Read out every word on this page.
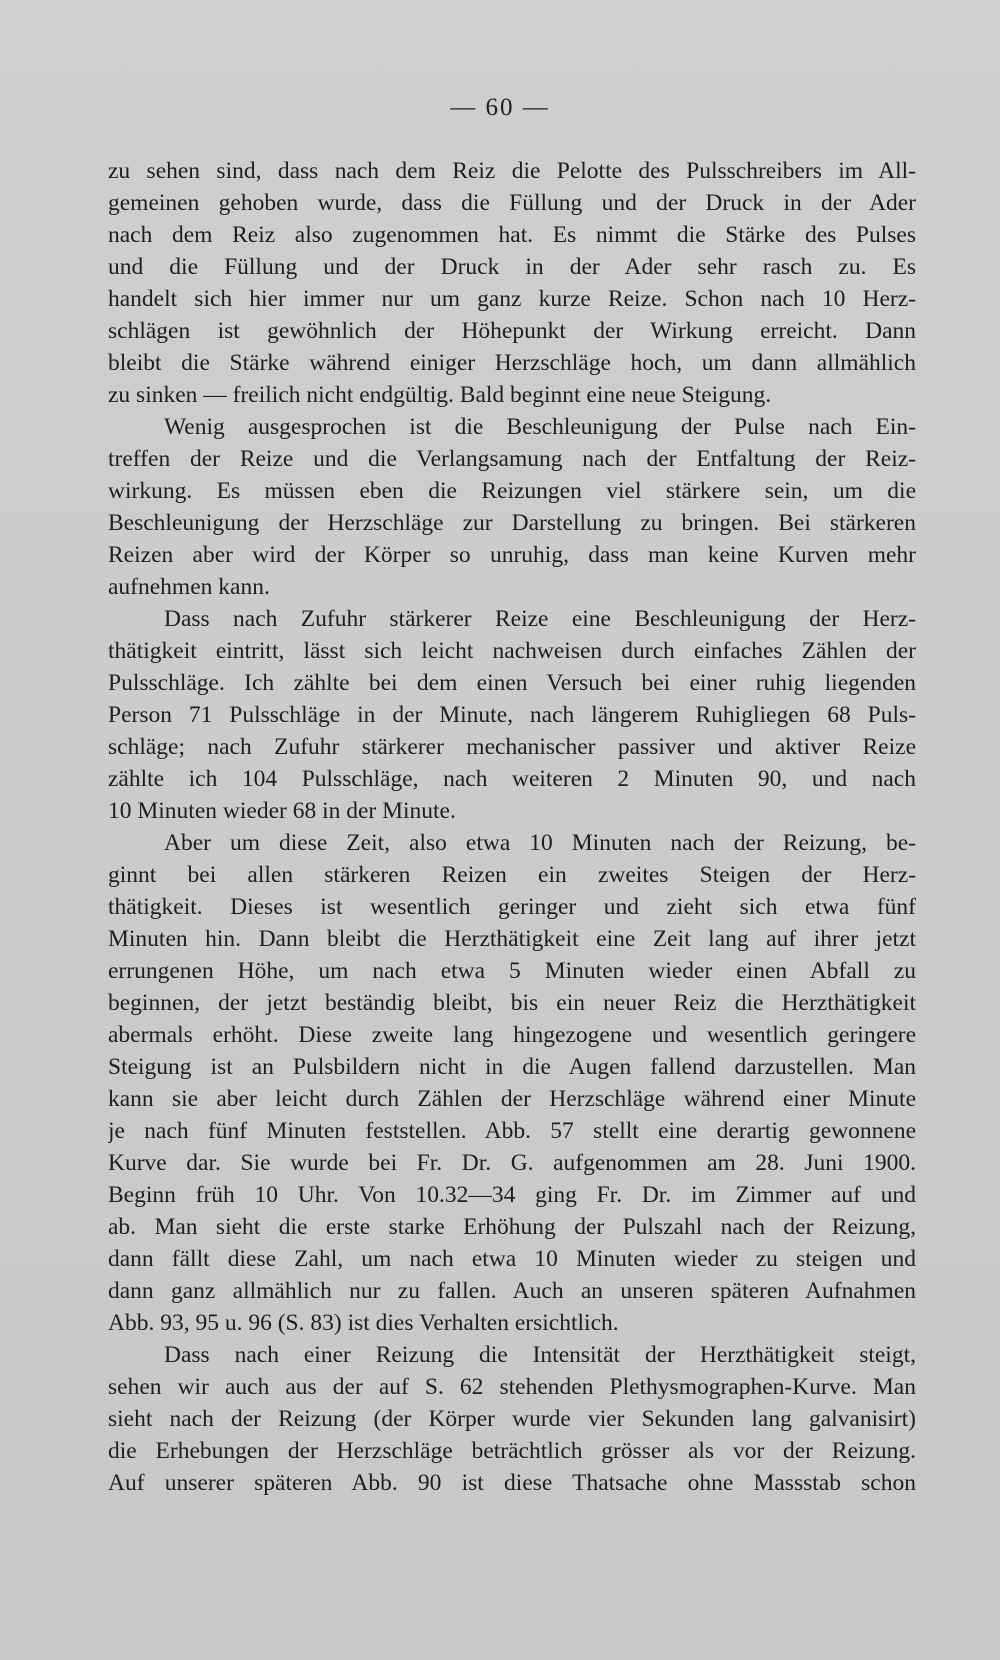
— 60 —
zu sehen sind, dass nach dem Reiz die Pelotte des Pulsschreibers im All-
gemeinen gehoben wurde, dass die Füllung und der Druck in der Ader
nach dem Reiz also zugenommen hat. Es nimmt die Stärke des Pulses
und die Füllung und der Druck in der Ader sehr rasch zu. Es
handelt sich hier immer nur um ganz kurze Reize. Schon nach 10 Herz-
schlägen ist gewöhnlich der Höhepunkt der Wirkung erreicht. Dann
bleibt die Stärke während einiger Herzschläge hoch, um dann allmählich
zu sinken — freilich nicht endgültig. Bald beginnt eine neue Steigung.
Wenig ausgesprochen ist die Beschleunigung der Pulse nach Ein-
treffen der Reize und die Verlangsamung nach der Entfaltung der Reiz-
wirkung. Es müssen eben die Reizungen viel stärkere sein, um die
Beschleunigung der Herzschläge zur Darstellung zu bringen. Bei stärkeren
Reizen aber wird der Körper so unruhig, dass man keine Kurven mehr
aufnehmen kann.
Dass nach Zufuhr stärkerer Reize eine Beschleunigung der Herz-
thätigkeit eintritt, lässt sich leicht nachweisen durch einfaches Zählen der
Pulsschläge. Ich zählte bei dem einen Versuch bei einer ruhig liegenden
Person 71 Pulsschläge in der Minute, nach längerem Ruhigliegen 68 Puls-
schläge; nach Zufuhr stärkerer mechanischer passiver und aktiver Reize
zählte ich 104 Pulsschläge, nach weiteren 2 Minuten 90, und nach
10 Minuten wieder 68 in der Minute.
Aber um diese Zeit, also etwa 10 Minuten nach der Reizung, be-
ginnt bei allen stärkeren Reizen ein zweites Steigen der Herz-
thätigkeit. Dieses ist wesentlich geringer und zieht sich etwa fünf
Minuten hin. Dann bleibt die Herzthätigkeit eine Zeit lang auf ihrer jetzt
errungenen Höhe, um nach etwa 5 Minuten wieder einen Abfall zu
beginnen, der jetzt beständig bleibt, bis ein neuer Reiz die Herzthätigkeit
abermals erhöht. Diese zweite lang hingezogene und wesentlich geringere
Steigung ist an Pulsbildern nicht in die Augen fallend darzustellen. Man
kann sie aber leicht durch Zählen der Herzschläge während einer Minute
je nach fünf Minuten feststellen. Abb. 57 stellt eine derartig gewonnene
Kurve dar. Sie wurde bei Fr. Dr. G. aufgenommen am 28. Juni 1900.
Beginn früh 10 Uhr. Von 10.32—34 ging Fr. Dr. im Zimmer auf und
ab. Man sieht die erste starke Erhöhung der Pulszahl nach der Reizung,
dann fällt diese Zahl, um nach etwa 10 Minuten wieder zu steigen und
dann ganz allmählich nur zu fallen. Auch an unseren späteren Aufnahmen
Abb. 93, 95 u. 96 (S. 83) ist dies Verhalten ersichtlich.
Dass nach einer Reizung die Intensität der Herzthätigkeit steigt,
sehen wir auch aus der auf S. 62 stehenden Plethysmographen-Kurve. Man
sieht nach der Reizung (der Körper wurde vier Sekunden lang galvanisirt)
die Erhebungen der Herzschläge beträchtlich grösser als vor der Reizung.
Auf unserer späteren Abb. 90 ist diese Thatsache ohne Massstab schon
